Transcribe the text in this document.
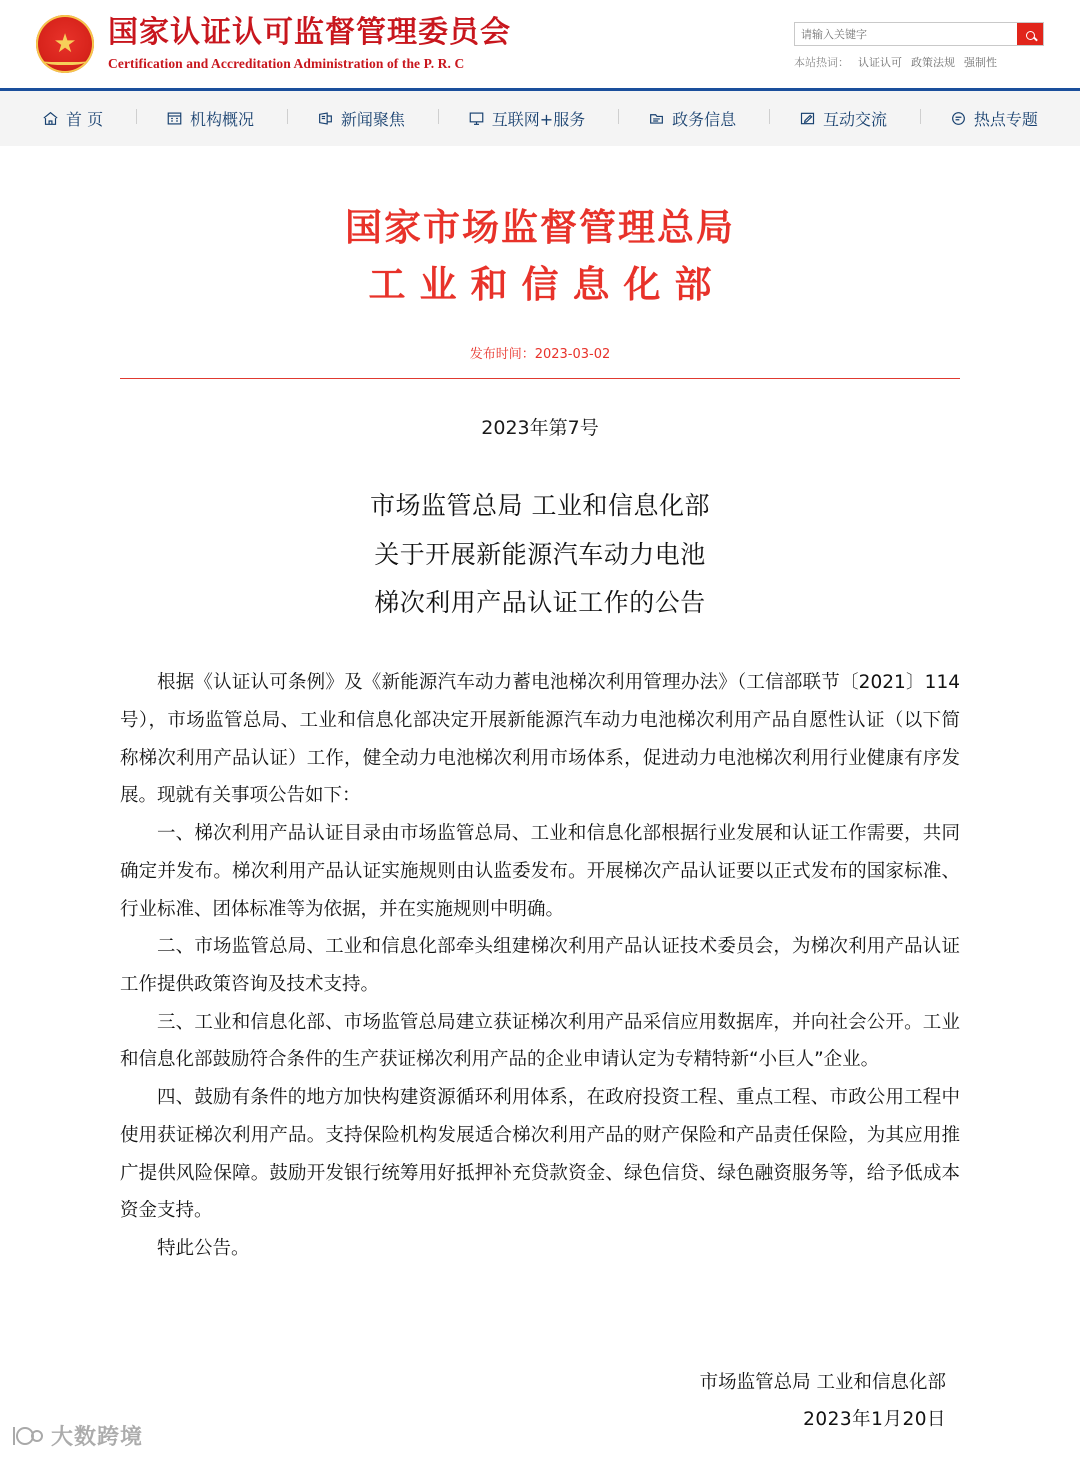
★
国家认证认可监督管理委员会
Certification and Accreditation Administration of the P. R. C
请输入关键字	本站热词： 认证认可 政策法规 强制性
首 页	机构概况	新闻聚焦	互联网+服务	政务信息	互动交流	热点专题
国家市场监督管理总局
工业和信息化部
发布时间：2023-03-02
2023年第7号
市场监管总局 工业和信息化部
关于开展新能源汽车动力电池
梯次利用产品认证工作的公告

根据《认证认可条例》及《新能源汽车动力蓄电池梯次利用管理办法》（工信部联节〔2021〕114号），市场监管总局、工业和信息化部决定开展新能源汽车动力电池梯次利用产品自愿性认证（以下简称梯次利用产品认证）工作，健全动力电池梯次利用市场体系，促进动力电池梯次利用行业健康有序发展。现就有关事项公告如下：

一、梯次利用产品认证目录由市场监管总局、工业和信息化部根据行业发展和认证工作需要，共同确定并发布。梯次利用产品认证实施规则由认监委发布。开展梯次产品认证要以正式发布的国家标准、行业标准、团体标准等为依据，并在实施规则中明确。

二、市场监管总局、工业和信息化部牵头组建梯次利用产品认证技术委员会，为梯次利用产品认证工作提供政策咨询及技术支持。

三、工业和信息化部、市场监管总局建立获证梯次利用产品采信应用数据库，并向社会公开。工业和信息化部鼓励符合条件的生产获证梯次利用产品的企业申请认定为专精特新“小巨人”企业。

四、鼓励有条件的地方加快构建资源循环利用体系，在政府投资工程、重点工程、市政公用工程中使用获证梯次利用产品。支持保险机构发展适合梯次利用产品的财产保险和产品责任保险，为其应用推广提供风险保障。鼓励开发银行统筹用好抵押补充贷款资金、绿色信贷、绿色融资服务等，给予低成本资金支持。

特此公告。

市场监管总局 工业和信息化部
2023年1月20日
大数跨境
